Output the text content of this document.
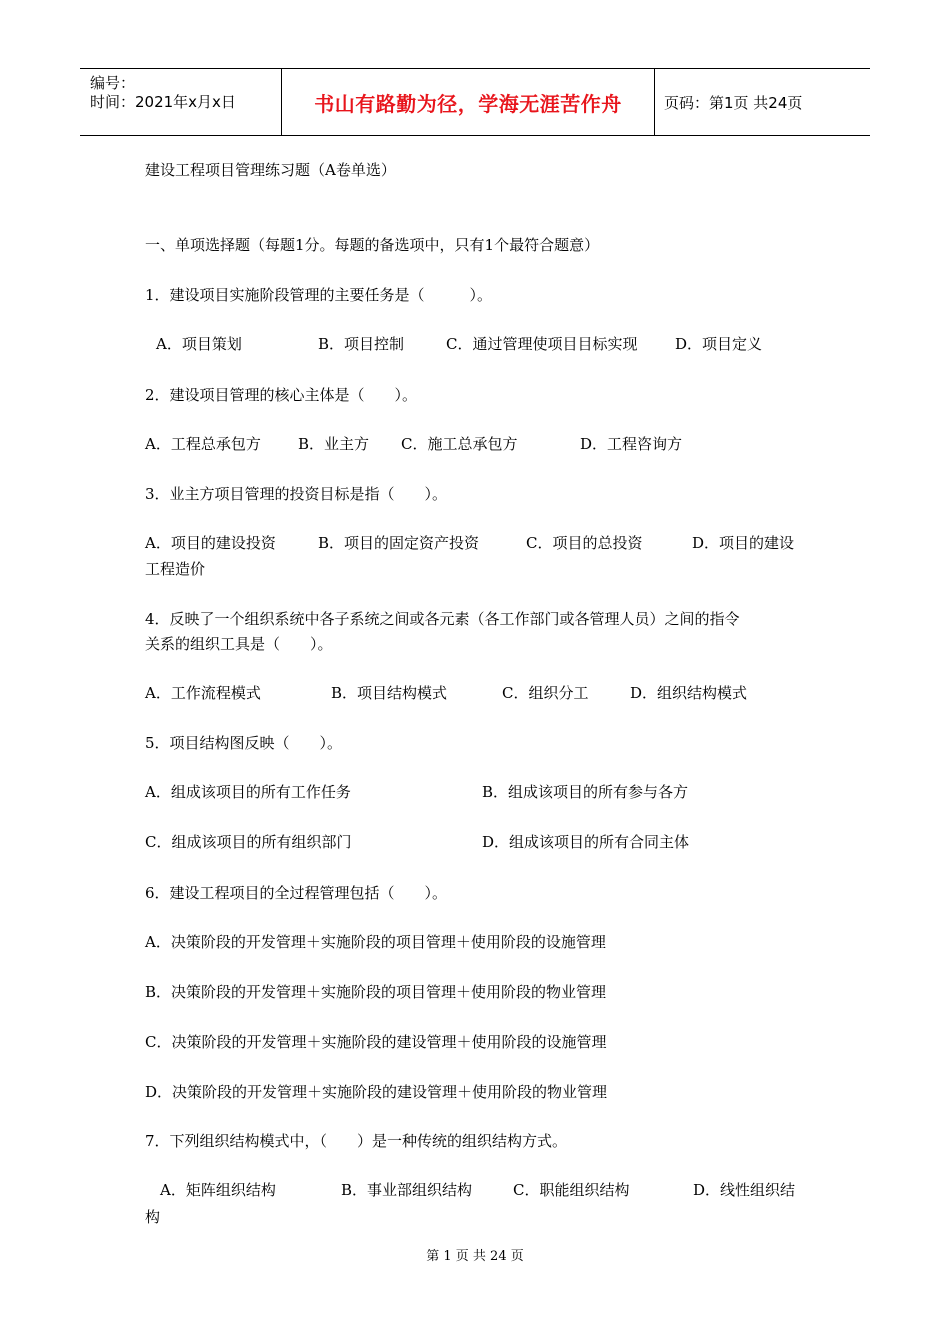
编号：
时间：2021年x月x日	书山有路勤为径，学海无涯苦作舟	页码：第1页 共24页
建设工程项目管理练习题（A卷单选）
一、单项选择题（每题1分。每题的备选项中，只有1个最符合题意）
1．建设项目实施阶段管理的主要任务是（　　　）。
A．项目策划	B．项目控制	C．通过管理使项目目标实现	D．项目定义
2．建设项目管理的核心主体是（　　）。
A．工程总承包方 B．业主方 C．施工总承包方	D．工程咨询方
3．业主方项目管理的投资目标是指（　　）。
A．项目的建设投资	B．项目的固定资产投资	C．项目的总投资	D．项目的建设
工程造价
4．反映了一个组织系统中各子系统之间或各元素（各工作部门或各管理人员）之间的指令
关系的组织工具是（　　）。
A．工作流程模式	B．项目结构模式	C．组织分工	D．组织结构模式
5．项目结构图反映（　　）。
A．组成该项目的所有工作任务	B．组成该项目的所有参与各方
C．组成该项目的所有组织部门	D．组成该项目的所有合同主体
6．建设工程项目的全过程管理包括（　　）。
A．决策阶段的开发管理＋实施阶段的项目管理＋使用阶段的设施管理
B．决策阶段的开发管理＋实施阶段的项目管理＋使用阶段的物业管理
C．决策阶段的开发管理＋实施阶段的建设管理＋使用阶段的设施管理
D．决策阶段的开发管理＋实施阶段的建设管理＋使用阶段的物业管理
7．下列组织结构模式中，（　　）是一种传统的组织结构方式。
A．矩阵组织结构	B．事业部组织结构	C．职能组织结构	D．线性组织结
构
第 1 页 共 24 页
